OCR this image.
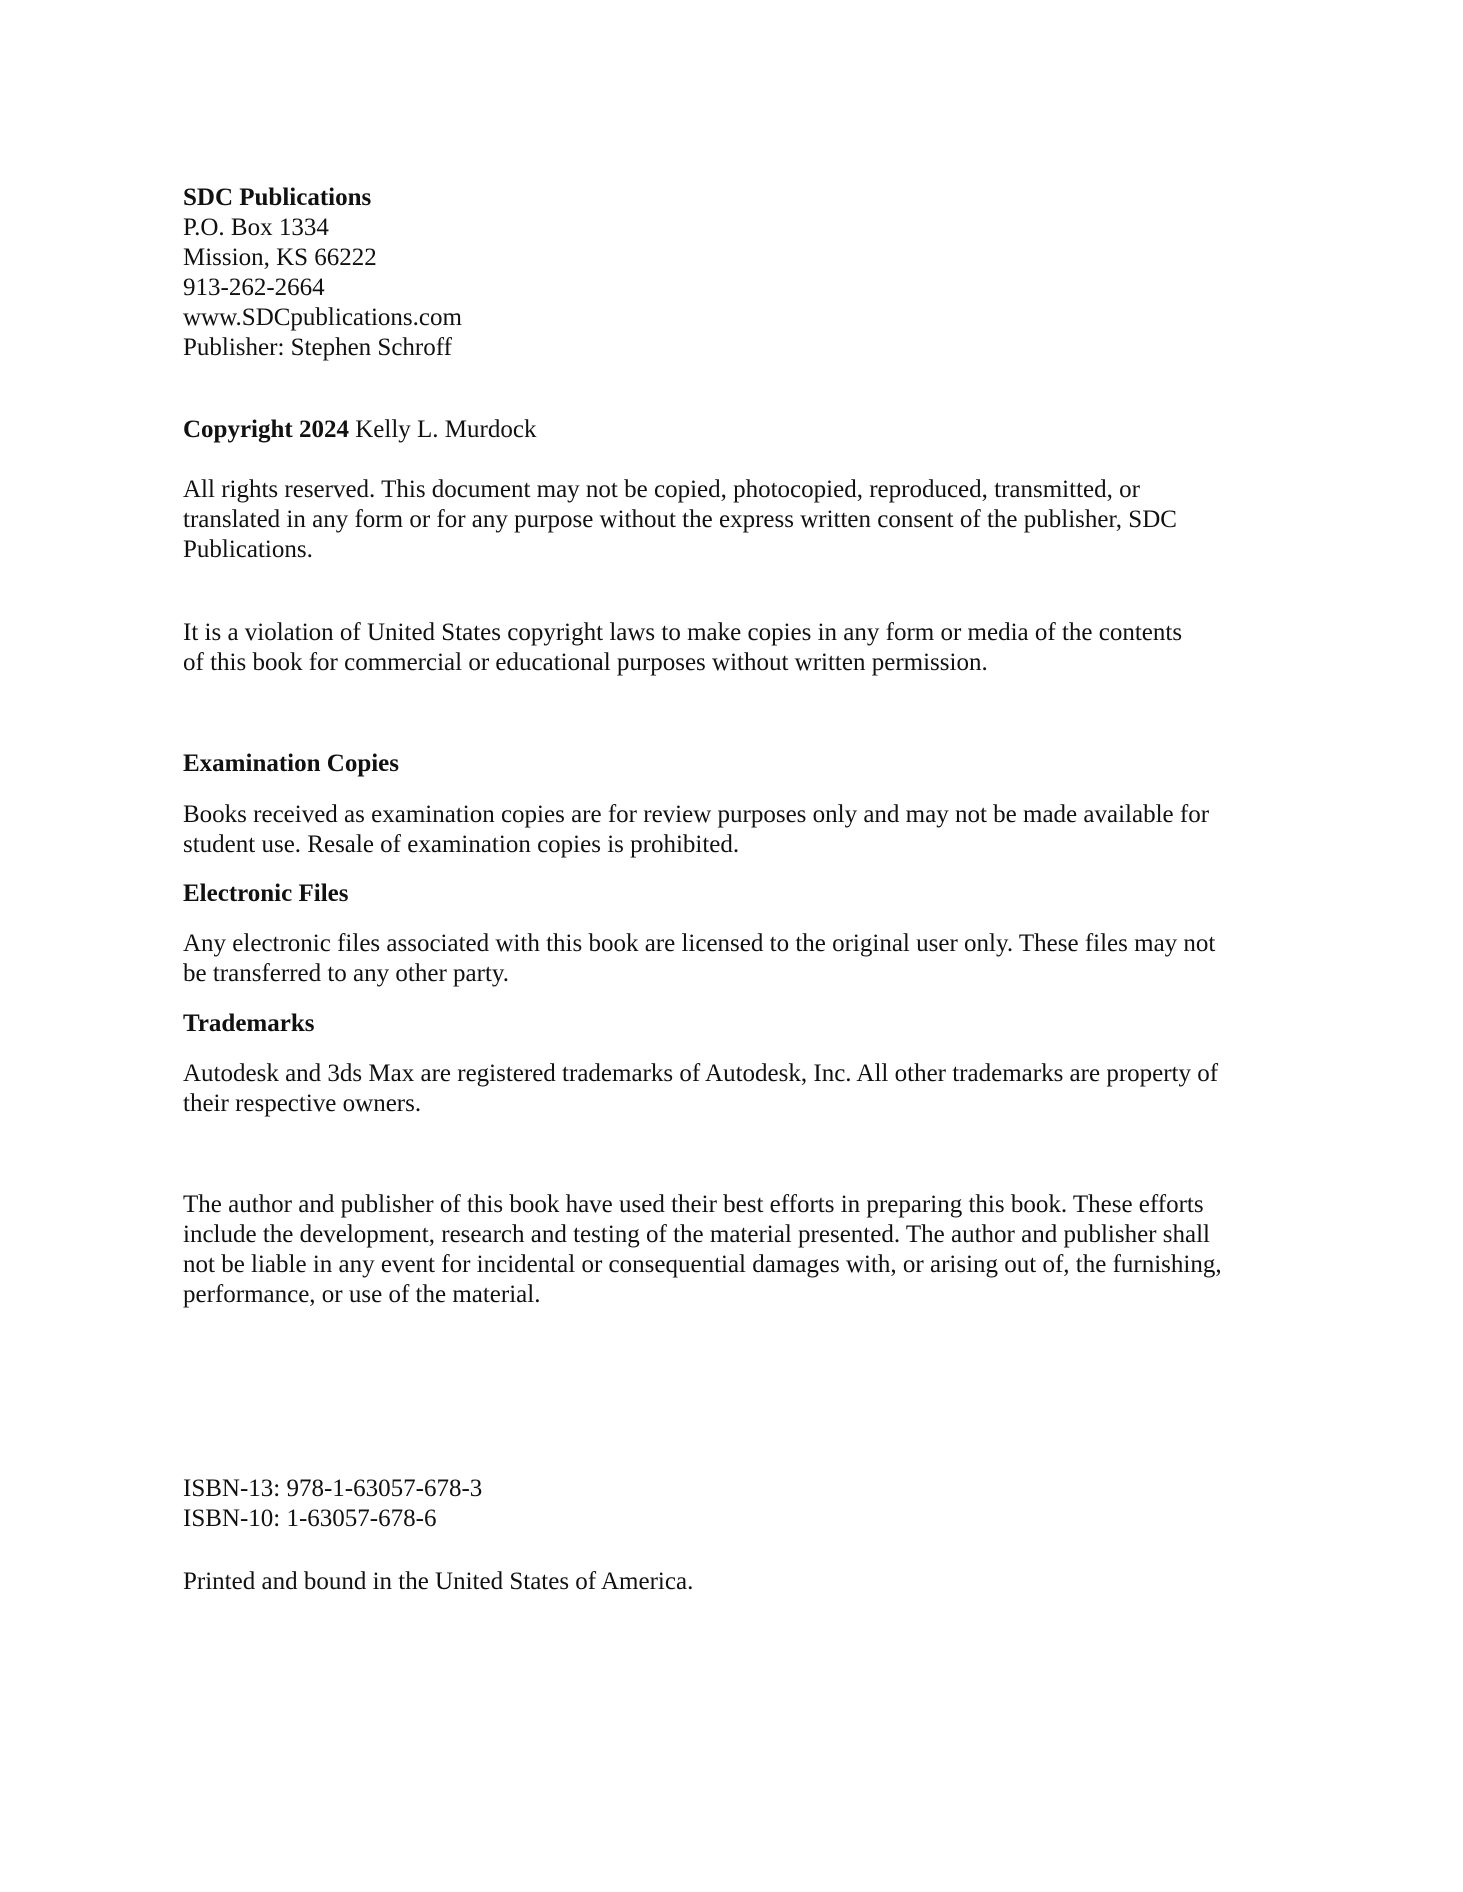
SDC Publications
P.O. Box 1334
Mission, KS 66222
913-262-2664
www.SDCpublications.com
Publisher: Stephen Schroff
Copyright 2024 Kelly L. Murdock
All rights reserved. This document may not be copied, photocopied, reproduced, transmitted, or
translated in any form or for any purpose without the express written consent of the publisher, SDC
Publications.
It is a violation of United States copyright laws to make copies in any form or media of the contents
of this book for commercial or educational purposes without written permission.
Examination Copies
Books received as examination copies are for review purposes only and may not be made available for
student use. Resale of examination copies is prohibited.
Electronic Files
Any electronic files associated with this book are licensed to the original user only. These files may not
be transferred to any other party.
Trademarks
Autodesk and 3ds Max are registered trademarks of Autodesk, Inc. All other trademarks are property of
their respective owners.
The author and publisher of this book have used their best efforts in preparing this book. These efforts
include the development, research and testing of the material presented. The author and publisher shall
not be liable in any event for incidental or consequential damages with, or arising out of, the furnishing,
performance, or use of the material.
ISBN-13: 978-1-63057-678-3
ISBN-10: 1-63057-678-6
Printed and bound in the United States of America.
